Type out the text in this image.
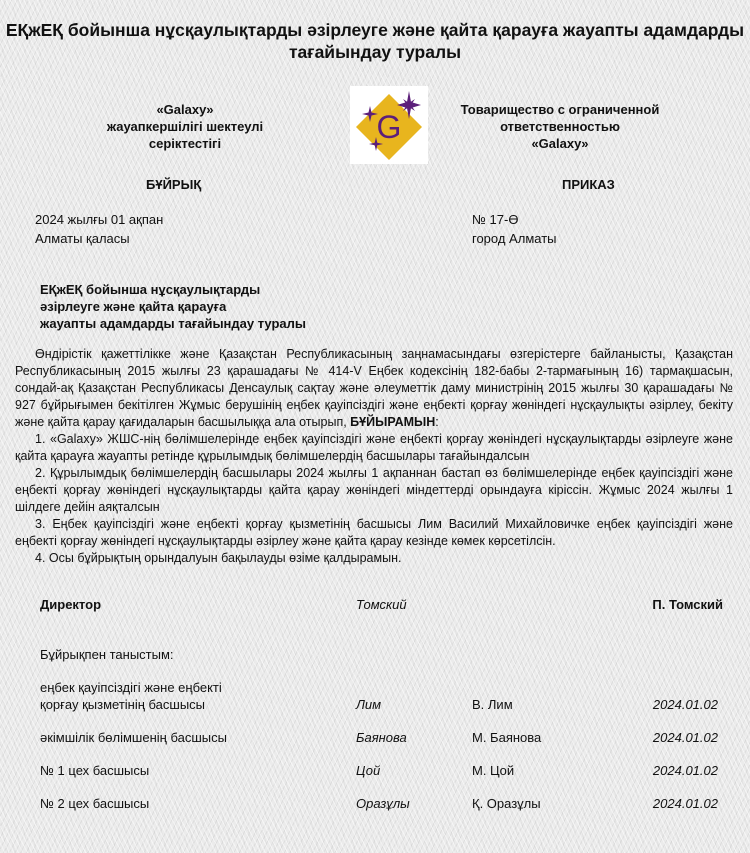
ЕҚжЕҚ бойынша нұсқаулықтарды әзірлеуге және қайта қарауға жауапты адамдарды
тағайындау туралы
«Galaxy»
жауапкершілігі шектеулі
серіктестігі	G	Товарищество с ограниченной
ответственностью
«Galaxy»
БҰЙРЫҚ	ПРИКАЗ
2024 жылғы 01 ақпан
Алматы қаласы
№ 17-Ө
город Алматы
ЕҚжЕҚ бойынша нұсқаулықтарды
әзірлеуге және қайта қарауға
жауапты адамдарды тағайындау туралы

Өндірістік қажеттілікке және Қазақстан Республикасының заңнамасындағы өзгерістерге байланысты, Қазақстан Республикасының 2015 жылғы 23 қарашадағы № 414-V Еңбек кодексінің 182-бабы 2-тармағының 16) тармақшасын, сондай-ақ Қазақстан Республикасы Денсаулық сақтау және әлеуметтік даму министрінің 2015 жылғы 30 қарашадағы № 927 бұйрығымен бекітілген Жұмыс берушінің еңбек қауіпсіздігі және еңбекті қорғау жөніндегі нұсқаулықты әзірлеу, бекіту және қайта қарау қағидаларын басшылыққа ала отырып, БҰЙЫРАМЫН:

1. «Galaxy» ЖШС-нің бөлімшелерінде еңбек қауіпсіздігі және еңбекті қорғау жөніндегі нұсқаулықтарды әзірлеуге және қайта қарауға жауапты ретінде құрылымдық бөлімшелердің басшылары тағайындалсын

2. Құрылымдық бөлімшелердің басшылары 2024 жылғы 1 ақпаннан бастап өз бөлімшелерінде еңбек қауіпсіздігі және еңбекті қорғау жөніндегі нұсқаулықтарды қайта қарау жөніндегі міндеттерді орындауға кіріссін. Жұмыс 2024 жылғы 1 шілдеге дейін аяқталсын

3. Еңбек қауіпсіздігі және еңбекті қорғау қызметінің басшысы Лим Василий Михайловичке еңбек қауіпсіздігі және еңбекті қорғау жөніндегі нұсқаулықтарды әзірлеу және қайта қарау кезінде көмек көрсетілсін.

4. Осы бұйрықтың орындалуын бақылауды өзіме қалдырамын.

Директор	Томский	П. Томский
Бұйрықпен таныстым:
еңбек қауіпсіздігі және еңбекті
қорғау қызметінің басшысы	Лим	В. Лим	2024.01.02
әкімшілік бөлімшенің басшысы	Баянова	М. Баянова	2024.01.02
№ 1 цех басшысы	Цой	М. Цой	2024.01.02
№ 2 цех басшысы	Оразұлы	Қ. Оразұлы	2024.01.02
